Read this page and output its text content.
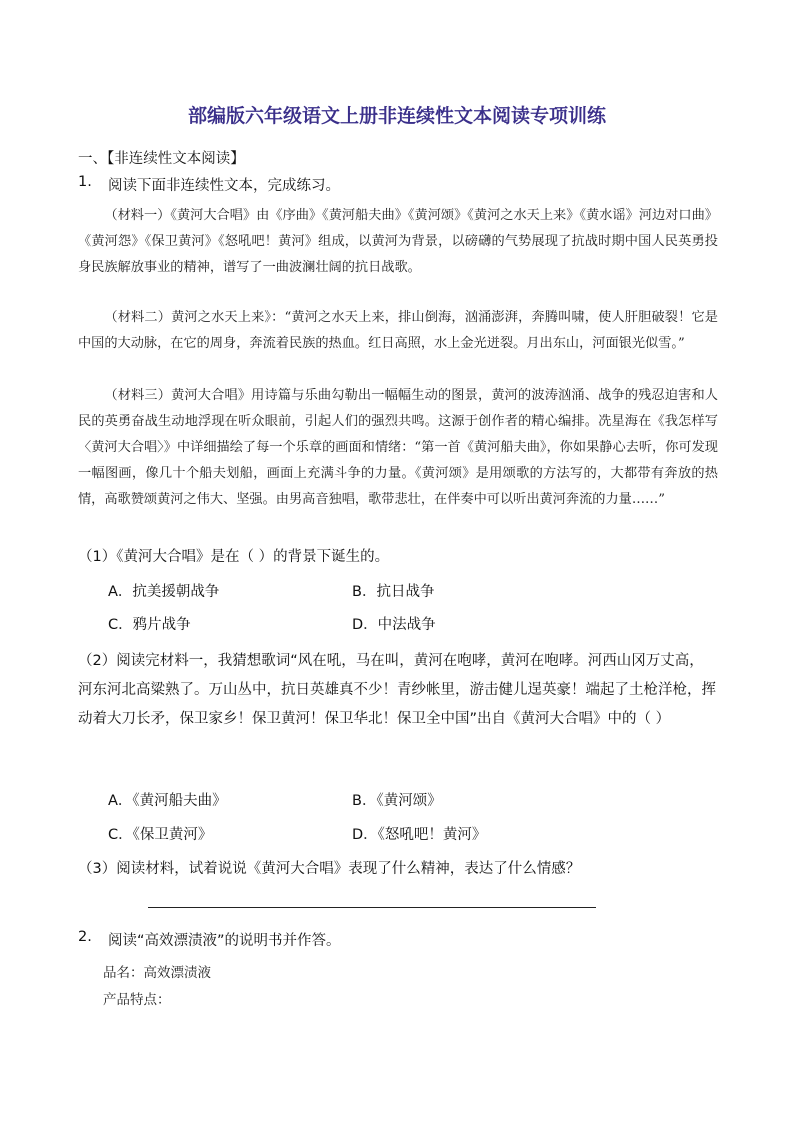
部编版六年级语文上册非连续性文本阅读专项训练
一、【非连续性文本阅读】
1. 阅读下面非连续性文本，完成练习。

（材料一）《黄河大合唱》由《序曲》《黄河船夫曲》《黄河颂》《黄河之水天上来》《黄水谣》河边对口曲》《黄河怨》《保卫黄河》《怒吼吧！黄河》组成，以黄河为背景，以磅礴的气势展现了抗战时期中国人民英勇投身民族解放事业的精神，谱写了一曲波澜壮阔的抗日战歌。

（材料二）黄河之水天上来》：“黄河之水天上来，排山倒海，汹涌澎湃，奔腾叫啸，使人肝胆破裂！它是中国的大动脉，在它的周身，奔流着民族的热血。红日高照，水上金光迸裂。月出东山，河面银光似雪。”

（材料三）黄河大合唱》用诗篇与乐曲勾勒出一幅幅生动的图景，黄河的波涛汹涌、战争的残忍迫害和人民的英勇奋战生动地浮现在听众眼前，引起人们的强烈共鸣。这源于创作者的精心编排。冼星海在《我怎样写〈黄河大合唱〉》中详细描绘了每一个乐章的画面和情绪：“第一首《黄河船夫曲》，你如果静心去听，你可发现一幅图画，像几十个船夫划船，画面上充满斗争的力量。《黄河颂》是用颂歌的方法写的，大都带有奔放的热情，高歌赞颂黄河之伟大、坚强。由男高音独唱，歌带悲壮，在伴奏中可以听出黄河奔流的力量……”

（1）《黄河大合唱》是在（ ）的背景下诞生的。
A．抗美援朝战争	B．抗日战争
C．鸦片战争	D．中法战争
（2）阅读完材料一，我猜想歌词“风在吼，马在叫，黄河在咆哮，黄河在咆哮。河西山冈万丈高，河东河北高粱熟了。万山丛中，抗日英雄真不少！青纱帐里，游击健儿逞英豪！端起了土枪洋枪，挥动着大刀长矛，保卫家乡！保卫黄河！保卫华北！保卫全中国”出自《黄河大合唱》中的（ ）
A．《黄河船夫曲》	B．《黄河颂》
C．《保卫黄河》	D．《怒吼吧！黄河》
（3）阅读材料，试着说说《黄河大合唱》表现了什么精神，表达了什么情感？
2. 阅读“高效漂渍液”的说明书并作答。
品名：高效漂渍液
产品特点：
